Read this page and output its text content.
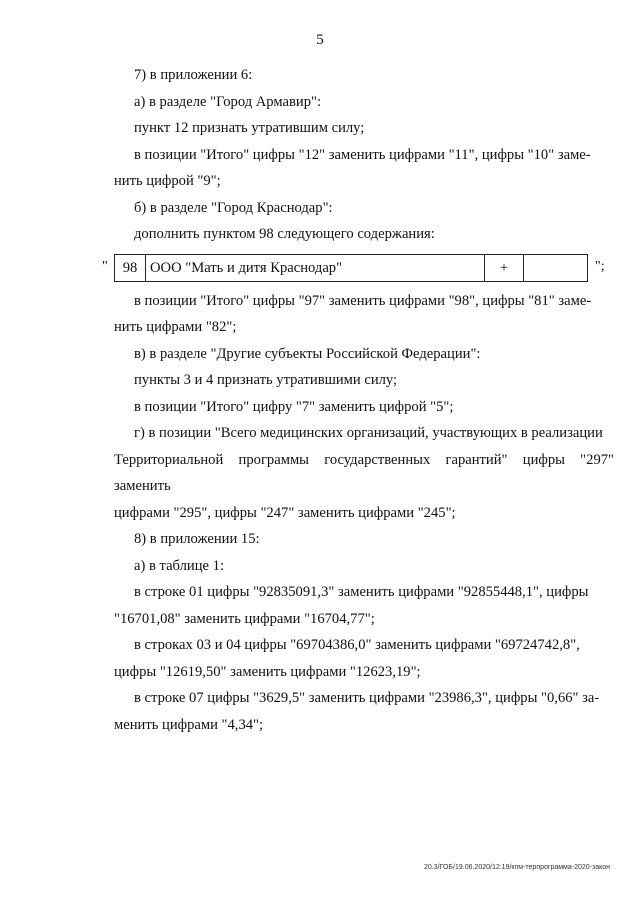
5

7) в приложении 6:

а) в разделе "Город Армавир":

пункт 12 признать утратившим силу;

в позиции "Итого" цифры "12" заменить цифрами "11", цифры "10" заме-

нить цифрой "9";

б) в разделе "Город Краснодар":

дополнить пунктом 98 следующего содержания:

" 98	ООО "Мать и дитя Краснодар"	+		";

в позиции "Итого" цифры "97" заменить цифрами "98", цифры "81" заме-

нить цифрами "82";

в) в разделе "Другие субъекты Российской Федерации":

пункты 3 и 4 признать утратившими силу;

в позиции "Итого" цифру "7" заменить цифрой "5";

г) в позиции "Всего медицинских организаций, участвующих в реализации

Территориальной программы государственных гарантий" цифры "297" заменить

цифрами "295", цифры "247" заменить цифрами "245";

8) в приложении 15:

а) в таблице 1:

в строке 01 цифры "92835091,3" заменить цифрами "92855448,1", цифры

"16701,08" заменить цифрами "16704,77";

в строках 03 и 04 цифры "69704386,0" заменить цифрами "69724742,8",

цифры "12619,50" заменить цифрами "12623,19";

в строке 07 цифры "3629,5" заменить цифрами "23986,3", цифры "0,66" за-

менить цифрами "4,34";

20.3/ГОБ/19.06.2020/12:19/кпм-терпрограмма-2020-закон
